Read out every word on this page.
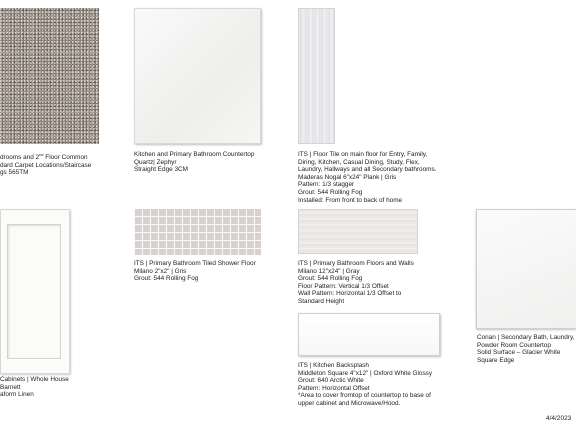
drooms and 2nd Floor Common
dard Carpet Locations/Staircase
gs 565TM
Kitchen and Primary Bathroom Countertop
Quartz| Zephyr
Straight Edge 3CM
ITS | Floor Tile on main floor for Entry, Family,
Diring, Kitchen, Casual Dining, Study, Flex,
Laundry, Hallways and all Secondary bathrooms.
Maderas Nogal 6"x24" Plank | Gris
Pattern: 1/3 stagger
Grout: 544 Rolling Fog
Installed: From front to back of home
Cabinets | Whole House
Barnett
aform Linen
ITS | Primary Bathroom Tiled Shower Floor
Milano 2"x2" | Gris
Grout: 544 Rolling Fog
ITS | Primary Bathroom Floors and Walls
Milano 12"x24" | Gray
Grout: 544 Rolling Fog
Floor Pattern: Vertical 1/3 Offset
Wall Pattern: Horizontal 1/3 Offset to
Standard Height
ITS | Kitchen Backsplash
Middleton Square 4"x12" | Oxford White Glossy
Grout: 640 Arctic White
Pattern: Horizontal Offset
*Area to cover fromtop of countertop to base of
upper cabinet and Microwave/Hood.
Corian | Secondary Bath, Laundry,
Powder Room Countertop
Solid Surface – Glacier White
Square Edge
4/4/2023
